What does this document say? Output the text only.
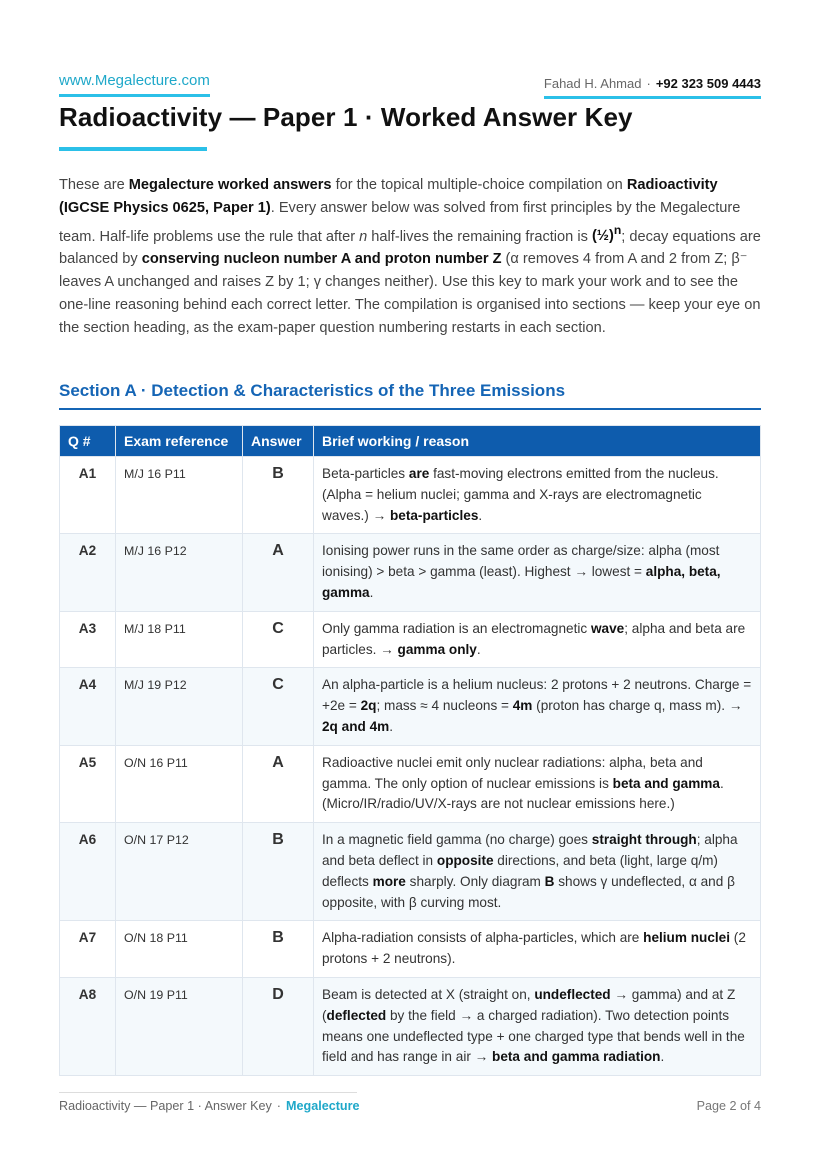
www.Megalecture.com	Fahad H. Ahmad · +92 323 509 4443
Radioactivity — Paper 1 · Worked Answer Key

These are Megalecture worked answers for the topical multiple-choice compilation on Radioactivity (IGCSE Physics 0625, Paper 1). Every answer below was solved from first principles by the Megalecture team. Half-life problems use the rule that after n half-lives the remaining fraction is (½)$^n$; decay equations are balanced by conserving nucleon number A and proton number Z (α removes 4 from A and 2 from Z; β⁻ leaves A unchanged and raises Z by 1; γ changes neither). Use this key to mark your work and to see the one-line reasoning behind each correct letter. The compilation is organised into sections — keep your eye on the section heading, as the exam-paper question numbering restarts in each section.

Section A · Detection & Characteristics of the Three Emissions
Q #	Exam reference	Answer	Brief working / reason
A1	M/J 16 P11	B	Beta-particles are fast-moving electrons emitted from the nucleus. (Alpha = helium nuclei; gamma and X-rays are electromagnetic waves.) → beta-particles.
A2	M/J 16 P12	A	Ionising power runs in the same order as charge/size: alpha (most ionising) > beta > gamma (least). Highest → lowest = alpha, beta, gamma.
A3	M/J 18 P11	C	Only gamma radiation is an electromagnetic wave; alpha and beta are particles. → gamma only.
A4	M/J 19 P12	C	An alpha-particle is a helium nucleus: 2 protons + 2 neutrons. Charge = +2e = 2q; mass ≈ 4 nucleons = 4m (proton has charge q, mass m). → 2q and 4m.
A5	O/N 16 P11	A	Radioactive nuclei emit only nuclear radiations: alpha, beta and gamma. The only option of nuclear emissions is beta and gamma. (Micro/IR/radio/UV/X-rays are not nuclear emissions here.)
A6	O/N 17 P12	B	In a magnetic field gamma (no charge) goes straight through; alpha and beta deflect in opposite directions, and beta (light, large q/m) deflects more sharply. Only diagram B shows γ undeflected, α and β opposite, with β curving most.
A7	O/N 18 P11	B	Alpha-radiation consists of alpha-particles, which are helium nuclei (2 protons + 2 neutrons).
A8	O/N 19 P11	D	Beam is detected at X (straight on, undeflected → gamma) and at Z (deflected by the field → a charged radiation). Two detection points means one undeflected type + one charged type that bends well in the field and has range in air → beta and gamma radiation.
Radioactivity — Paper 1 · Answer Key · Megalecture	Page 2 of 4
